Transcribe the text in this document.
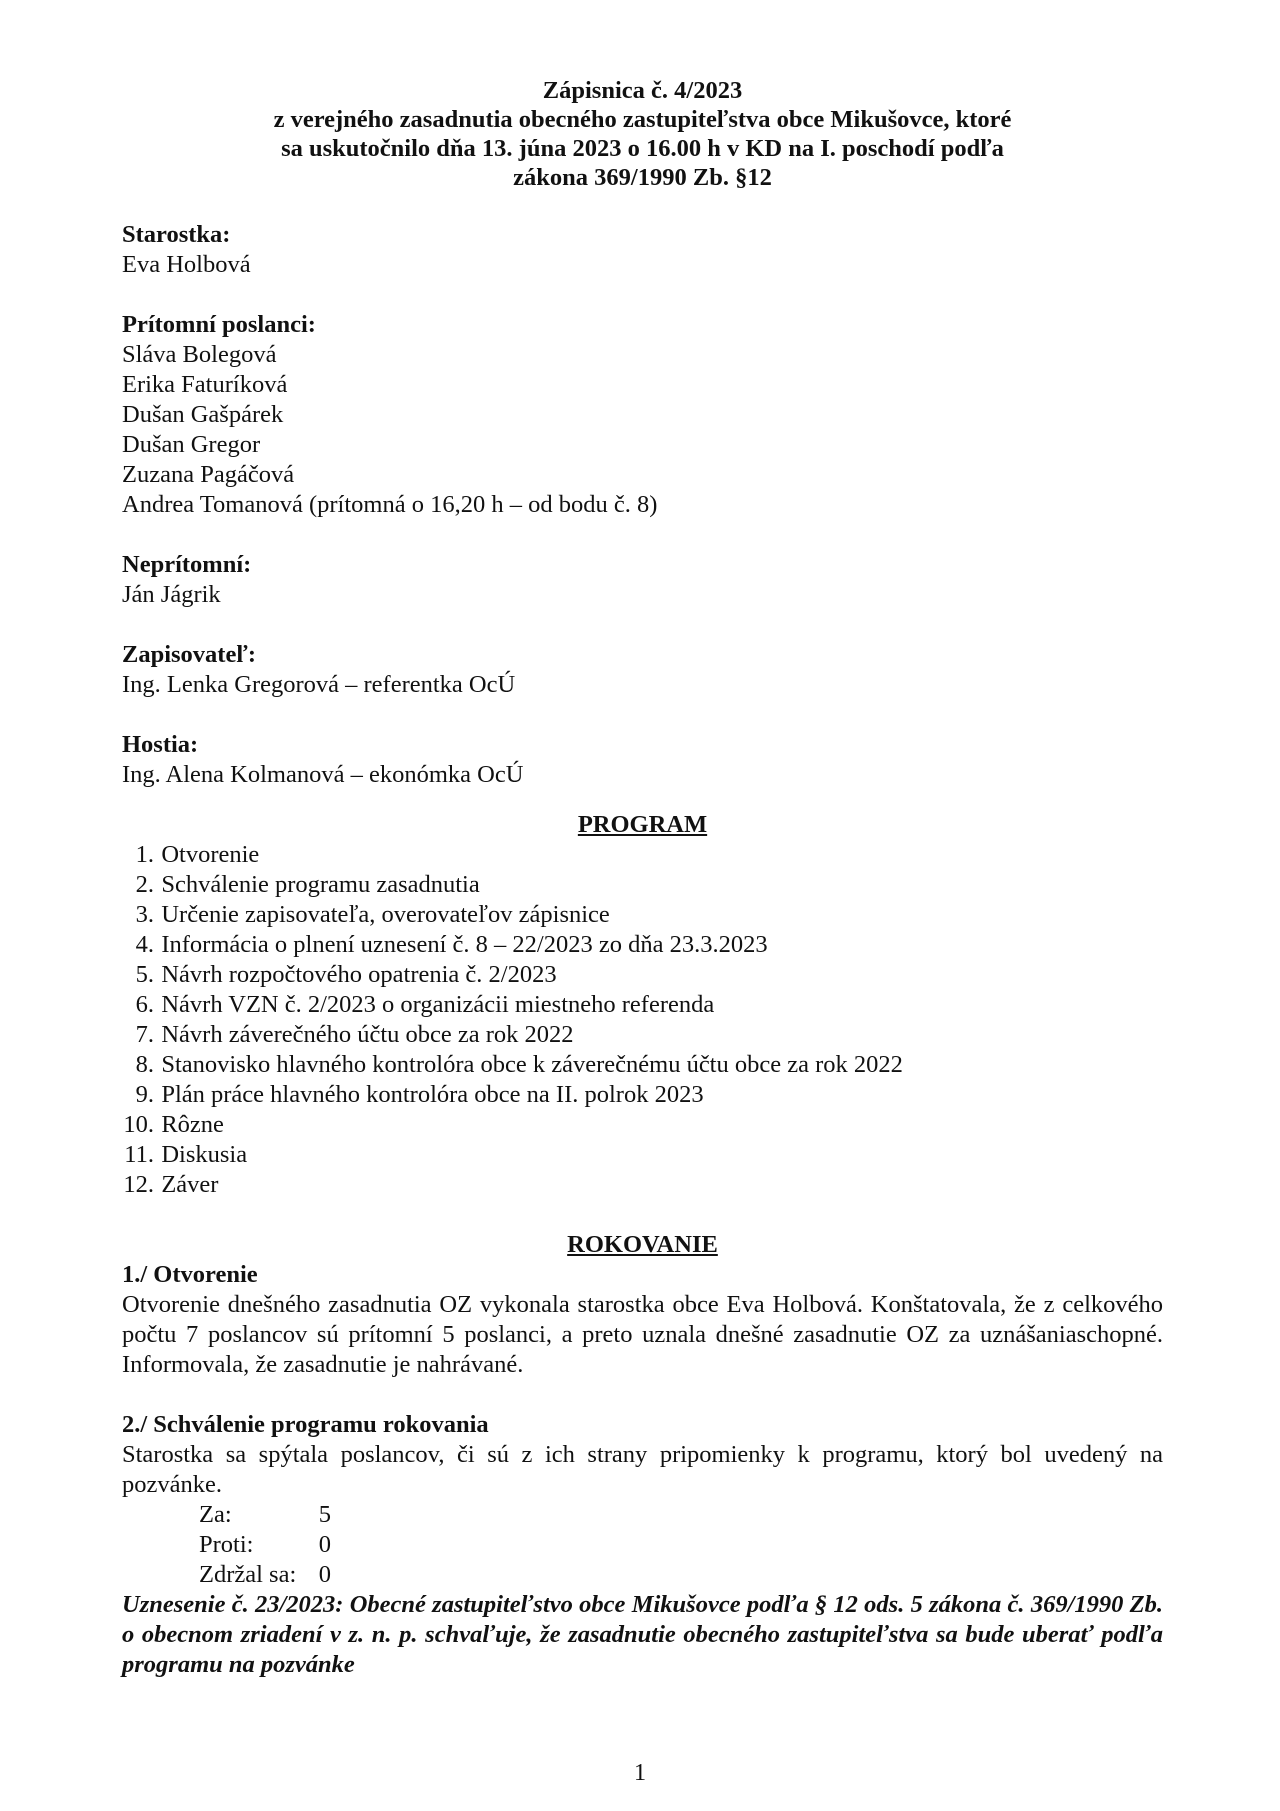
Zápisnica č. 4/2023
z verejného zasadnutia obecného zastupiteľstva obce Mikušovce, ktoré
sa uskutočnilo dňa 13. júna 2023 o 16.00 h v KD na I. poschodí podľa
zákona 369/1990 Zb. §12
Starostka:
Eva Holbová
Prítomní poslanci:
Sláva Bolegová
Erika Faturíková
Dušan Gašpárek
Dušan Gregor
Zuzana Pagáčová
Andrea Tomanová (prítomná o 16,20 h – od bodu č. 8)
Neprítomní:
Ján Jágrik
Zapisovateľ:
Ing. Lenka Gregorová – referentka OcÚ
Hostia:
Ing. Alena Kolmanová – ekonómka OcÚ
PROGRAM
1. Otvorenie
2. Schválenie programu zasadnutia
3. Určenie zapisovateľa, overovateľov zápisnice
4. Informácia o plnení uznesení č. 8 – 22/2023 zo dňa 23.3.2023
5. Návrh rozpočtového opatrenia č. 2/2023
6. Návrh VZN č. 2/2023 o organizácii miestneho referenda
7. Návrh záverečného účtu obce za rok 2022
8. Stanovisko hlavného kontrolóra obce k záverečnému účtu obce za rok 2022
9. Plán práce hlavného kontrolóra obce na II. polrok 2023
10. Rôzne
11. Diskusia
12. Záver
ROKOVANIE
1./ Otvorenie
Otvorenie dnešného zasadnutia OZ vykonala starostka obce Eva Holbová. Konštatovala, že z celkového počtu 7 poslancov sú prítomní 5 poslanci, a preto uznala dnešné zasadnutie OZ za uznášaniaschopné. Informovala, že zasadnutie je nahrávané.
2./ Schválenie programu rokovania
Starostka sa spýtala poslancov, či sú z ich strany pripomienky k programu, ktorý bol uvedený na pozvánke.
Za:	5
Proti:	0
Zdržal sa: 0
Uznesenie č. 23/2023: Obecné zastupiteľstvo obce Mikušovce podľa § 12 ods. 5 zákona č. 369/1990 Zb. o obecnom zriadení v z. n. p. schvaľuje, že zasadnutie obecného zastupiteľstva sa bude uberať podľa programu na pozvánke
1
